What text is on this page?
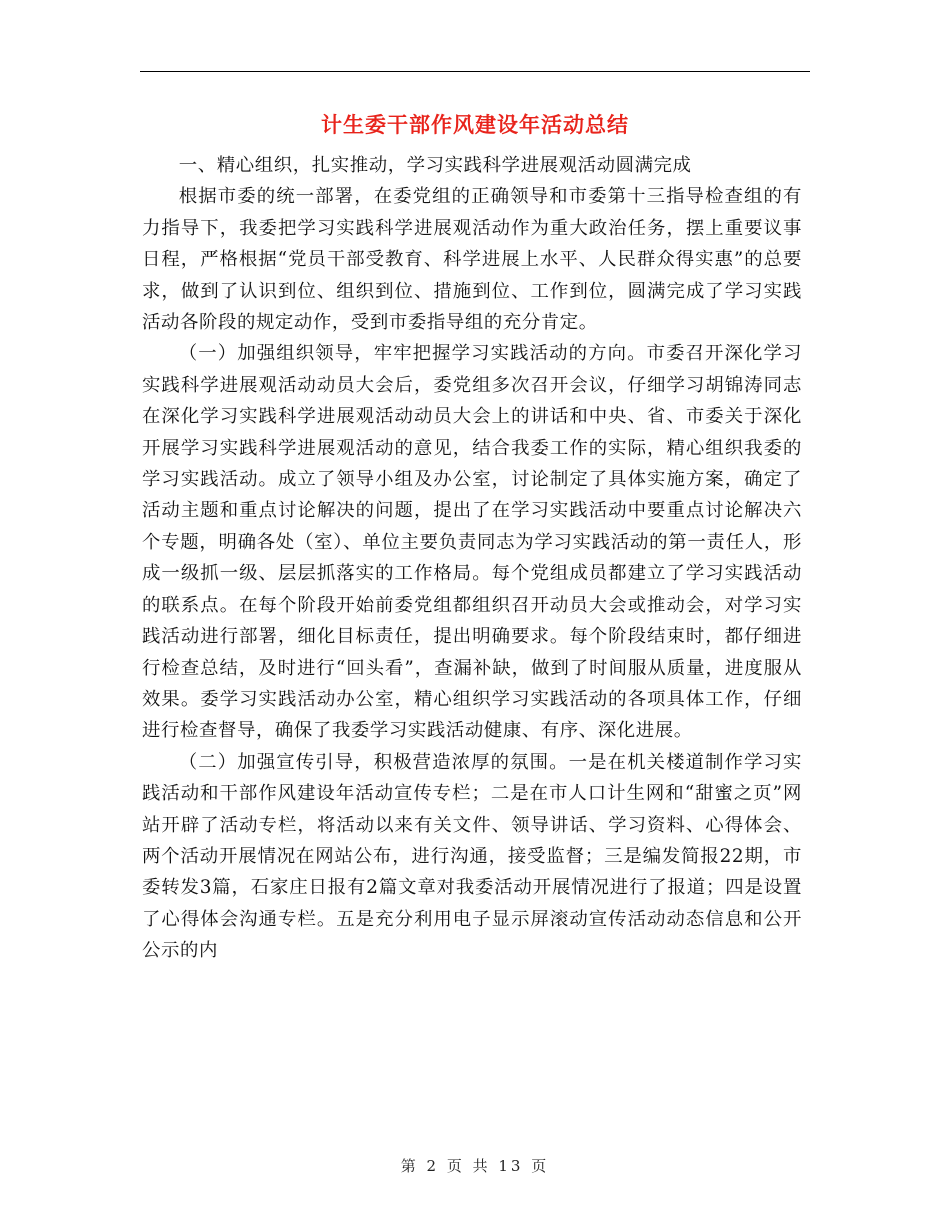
计生委干部作风建设年活动总结

一、精心组织，扎实推动，学习实践科学进展观活动圆满完成

根据市委的统一部署，在委党组的正确领导和市委第十三指导检查组的有力指导下，我委把学习实践科学进展观活动作为重大政治任务，摆上重要议事日程，严格根据“党员干部受教育、科学进展上水平、人民群众得实惠”的总要求，做到了认识到位、组织到位、措施到位、工作到位，圆满完成了学习实践活动各阶段的规定动作，受到市委指导组的充分肯定。

（一）加强组织领导，牢牢把握学习实践活动的方向。市委召开深化学习实践科学进展观活动动员大会后，委党组多次召开会议，仔细学习胡锦涛同志在深化学习实践科学进展观活动动员大会上的讲话和中央、省、市委关于深化开展学习实践科学进展观活动的意见，结合我委工作的实际，精心组织我委的学习实践活动。成立了领导小组及办公室，讨论制定了具体实施方案，确定了活动主题和重点讨论解决的问题，提出了在学习实践活动中要重点讨论解决六个专题，明确各处（室）、单位主要负责同志为学习实践活动的第一责任人，形成一级抓一级、层层抓落实的工作格局。每个党组成员都建立了学习实践活动的联系点。在每个阶段开始前委党组都组织召开动员大会或推动会，对学习实践活动进行部署，细化目标责任，提出明确要求。每个阶段结束时，都仔细进行检查总结，及时进行“回头看”，查漏补缺，做到了时间服从质量，进度服从效果。委学习实践活动办公室，精心组织学习实践活动的各项具体工作，仔细进行检查督导，确保了我委学习实践活动健康、有序、深化进展。

（二）加强宣传引导，积极营造浓厚的氛围。一是在机关楼道制作学习实践活动和干部作风建设年活动宣传专栏；二是在市人口计生网和“甜蜜之页”网站开辟了活动专栏，将活动以来有关文件、领导讲话、学习资料、心得体会、两个活动开展情况在网站公布，进行沟通，接受监督；三是编发简报22期，市委转发3篇，石家庄日报有2篇文章对我委活动开展情况进行了报道；四是设置了心得体会沟通专栏。五是充分利用电子显示屏滚动宣传活动动态信息和公开公示的内

第 2 页 共 13 页
